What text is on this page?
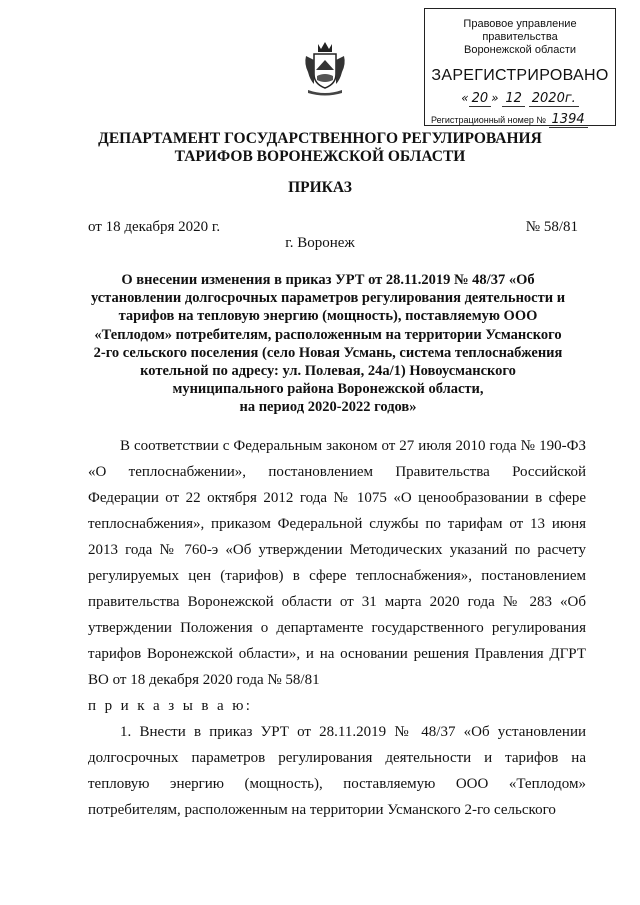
Правовое управление правительства
Воронежской области
ЗАРЕГИСТРИРОВАНО
« 20 » 12 2020г.
Регистрационный номер № 1394
ДЕПАРТАМЕНТ ГОСУДАРСТВЕННОГО РЕГУЛИРОВАНИЯ
ТАРИФОВ ВОРОНЕЖСКОЙ ОБЛАСТИ
ПРИКАЗ
от 18 декабря 2020 г.	№ 58/81
г. Воронеж
О внесении изменения в приказ УРТ от 28.11.2019 № 48/37 «Об
установлении долгосрочных параметров регулирования деятельности и
тарифов на тепловую энергию (мощность), поставляемую ООО
«Теплодом» потребителям, расположенным на территории Усманского
2-го сельского поселения (село Новая Усмань, система теплоснабжения
котельной по адресу: ул. Полевая, 24а/1) Новоусманского
муниципального района Воронежской области,
на период 2020-2022 годов»

В соответствии с Федеральным законом от 27 июля 2010 года № 190-ФЗ «О теплоснабжении», постановлением Правительства Российской Федерации от 22 октября 2012 года № 1075 «О ценообразовании в сфере теплоснабжения», приказом Федеральной службы по тарифам от 13 июня 2013 года № 760-э «Об утверждении Методических указаний по расчету регулируемых цен (тарифов) в сфере теплоснабжения», постановлением правительства Воронежской области от 31 марта 2020 года № 283 «Об утверждении Положения о департаменте государственного регулирования тарифов Воронежской области», и на основании решения Правления ДГРТ ВО от 18 декабря 2020 года № 58/81

п р и к а з ы в а ю:

1. Внести в приказ УРТ от 28.11.2019 № 48/37 «Об установлении долгосрочных параметров регулирования деятельности и тарифов на тепловую энергию (мощность), поставляемую ООО «Теплодом» потребителям, расположенным на территории Усманского 2-го сельского
